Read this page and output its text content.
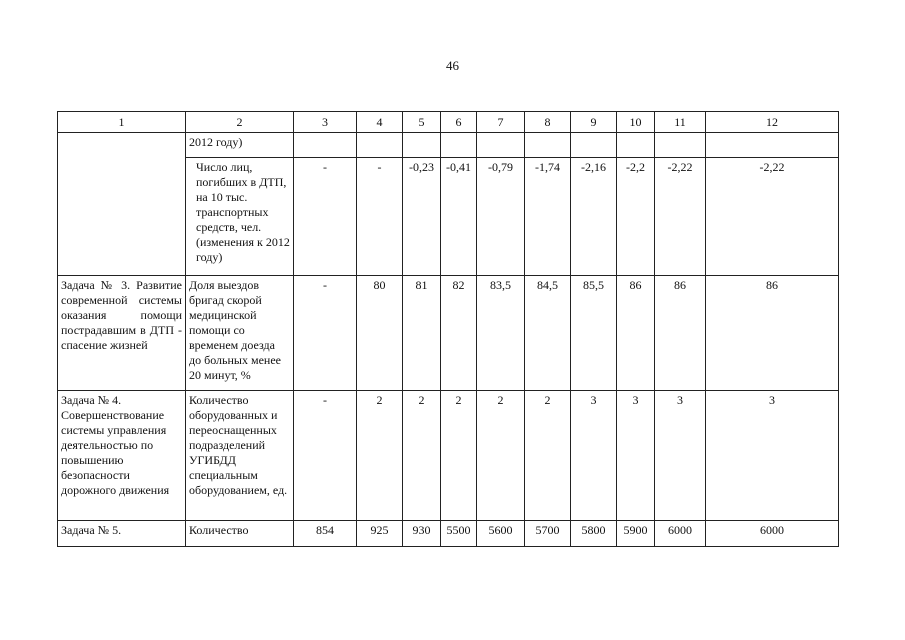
46
1	2	3	4	5	6	7	8	9	10	11	12
	2012 году)										
	Число лиц, погибших в ДТП, на 10 тыс. транспортных средств, чел. (изменения к 2012 году)	-	-	-0,23	-0,41	-0,79	-1,74	-2,16	-2,2	-2,22	-2,22
Задача № 3. Развитие современной системы оказания помощи пострадавшим в ДТП - спасение жизней	Доля выездов бригад скорой медицинской помощи со временем доезда до больных менее 20 минут, %	-	80	81	82	83,5	84,5	85,5	86	86	86
Задача № 4. Совершенствование системы управления деятельностью по повышению безопасности дорожного движения	Количество оборудованных и переоснащенных подразделений УГИБДД специальным оборудованием, ед.	-	2	2	2	2	2	3	3	3	3
Задача № 5.	Количество	854	925	930	5500	5600	5700	5800	5900	6000	6000
